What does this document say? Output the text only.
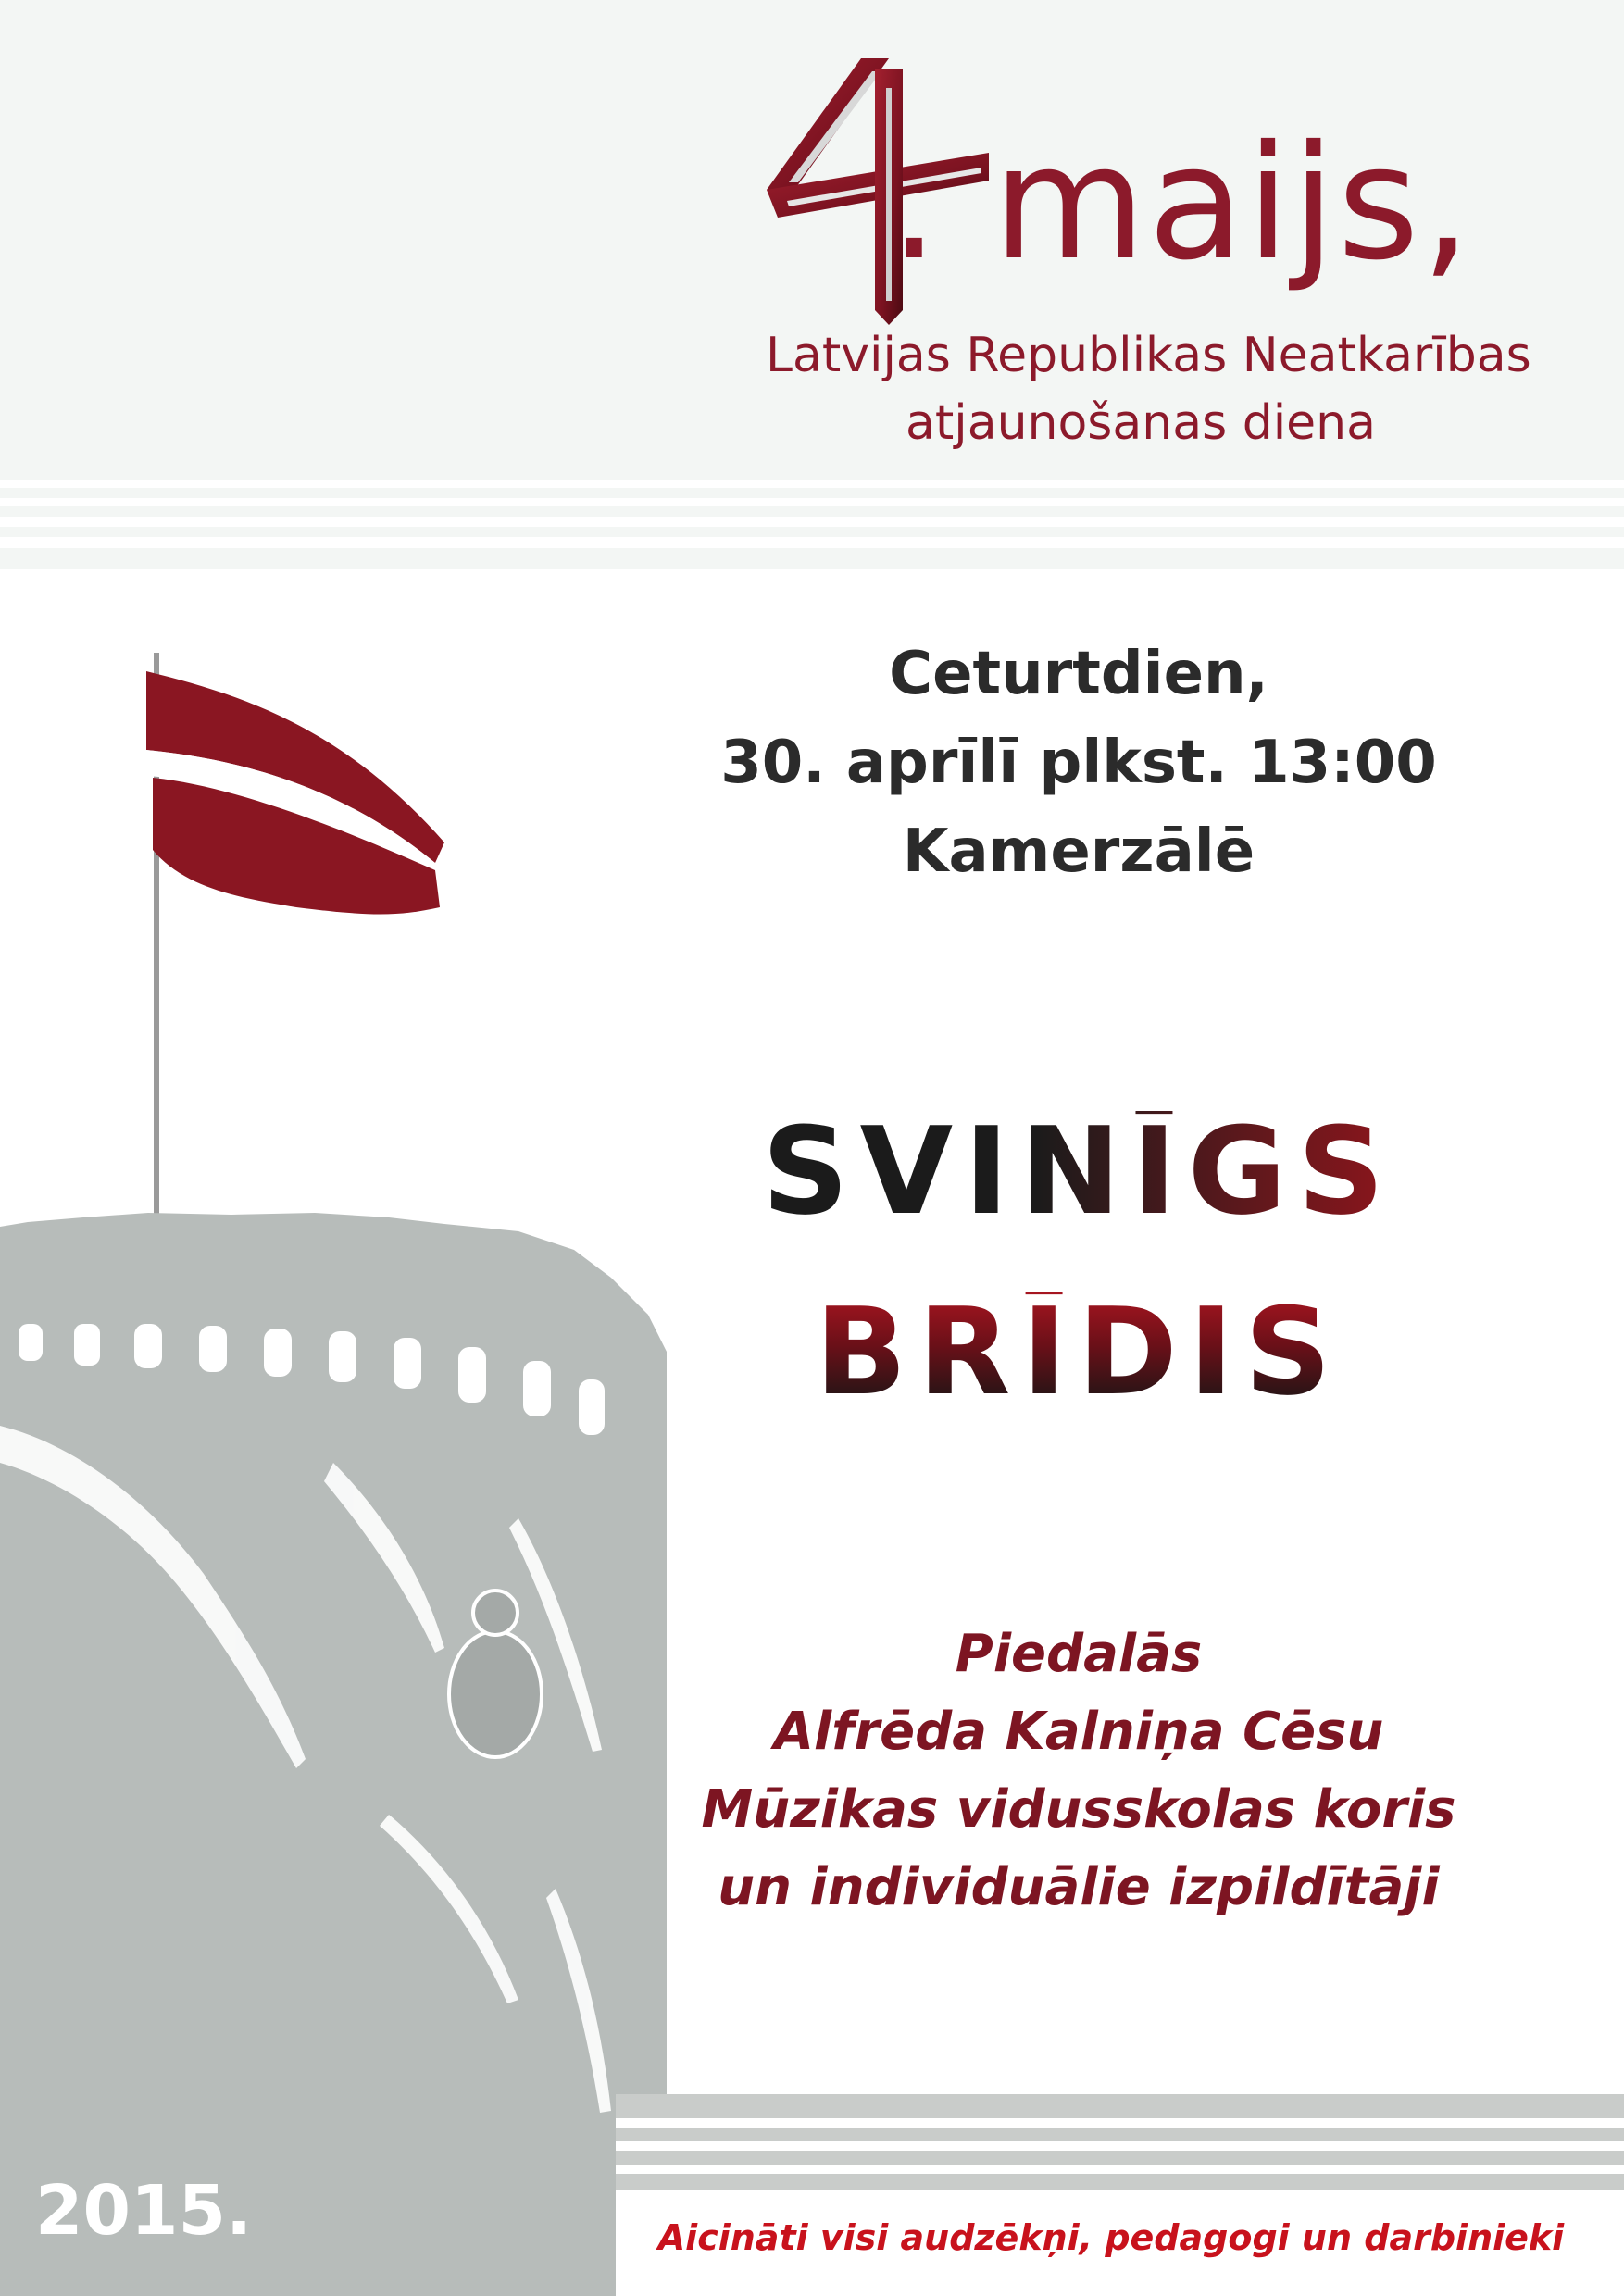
. maijs,
Latvijas Republikas Neatkarības
atjaunošanas diena
Ceturtdien,
30. aprīlī plkst. 13:00
Kamerzālē
SVINĪGS
BRĪDIS
Piedalās
Alfrēda Kalniņa Cēsu
Mūzikas vidusskolas koris
un individuālie izpildītāji
2015.	Aicināti visi audzēkņi, pedagogi un darbinieki
